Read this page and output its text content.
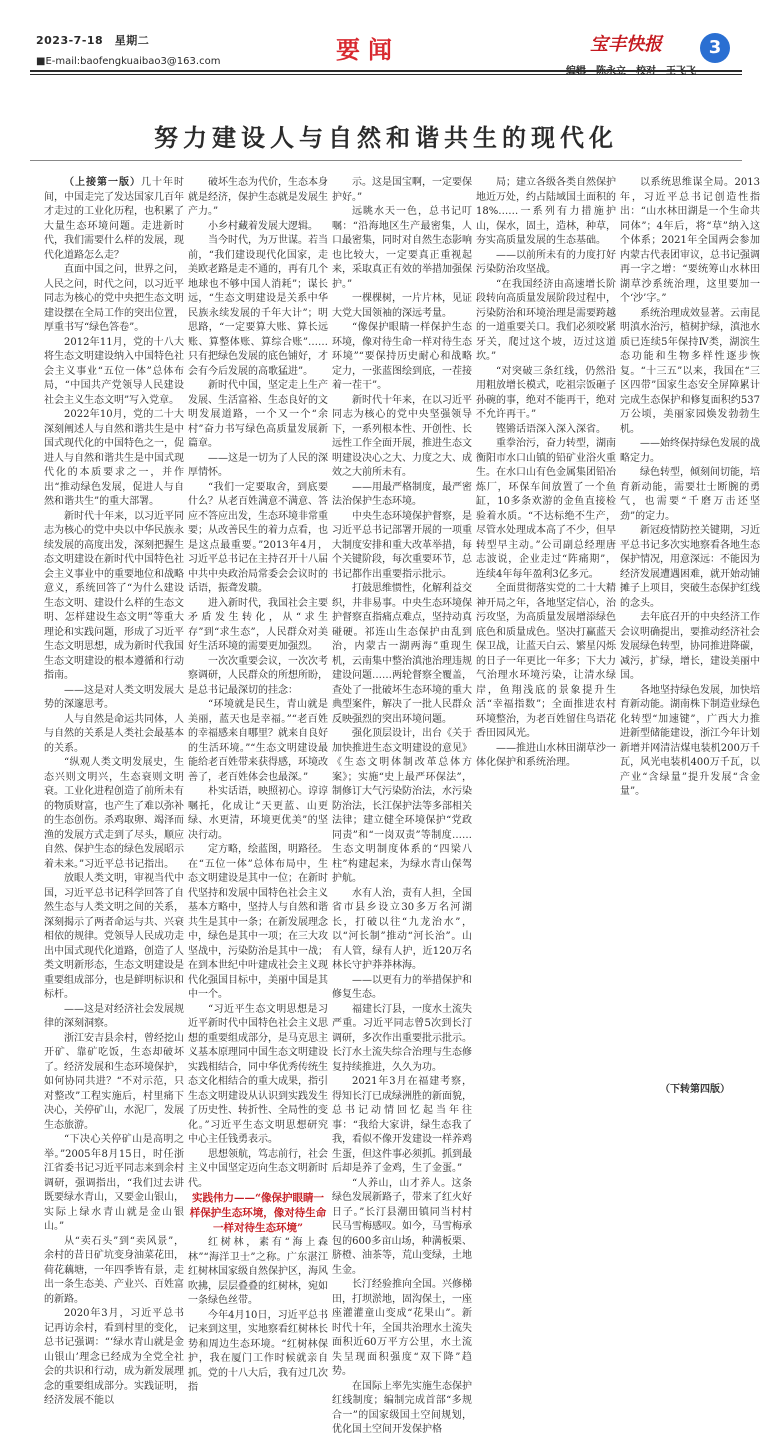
2023-7-18　星期二
■E-mail:baofengkuaibao3@163.com	要闻	宝丰快报	3
努力建设人与自然和谐共生的现代化

（上接第一版）几十年时间，中国走完了发达国家几百年才走过的工业化历程，也积累了大量生态环境问题。走进新时代，我们需要什么样的发展，现代化道路怎么走？

直面中国之问，世界之问，人民之问，时代之问，以习近平同志为核心的党中央把生态文明建设摆在全局工作的突出位置，厚重书写“绿色答卷”。

2012年11月，党的十八大将生态文明建设纳入中国特色社会主义事业“五位一体”总体布局，“中国共产党领导人民建设社会主义生态文明”写入党章。

2022年10月，党的二十大深刻阐述人与自然和谐共生是中国式现代化的中国特色之一，促进人与自然和谐共生是中国式现代化的本质要求之一，并作出“推动绿色发展，促进人与自然和谐共生”的重大部署。

新时代十年来，以习近平同志为核心的党中央以中华民族永续发展的高度出发，深刻把握生态文明建设在新时代中国特色社会主义事业中的重要地位和战略意义，系统回答了“为什么建设生态文明、建设什么样的生态文明、怎样建设生态文明”等重大理论和实践问题，形成了习近平生态文明思想，成为新时代我国生态文明建设的根本遵循和行动指南。

——这是对人类文明发展大势的深邃思考。

人与自然是命运共同体，人与自然的关系是人类社会最基本的关系。

“纵观人类文明发展史，生态兴则文明兴，生态衰则文明衰。工业化进程创造了前所未有的物质财富，也产生了难以弥补的生态创伤。杀鸡取卵、竭泽而渔的发展方式走到了尽头，顺应自然、保护生态的绿色发展昭示着未来。”习近平总书记指出。

放眼人类文明，审视当代中国，习近平总书记科学回答了自然生态与人类文明之间的关系，深刻揭示了两者命运与共、兴衰相依的规律。党领导人民成功走出中国式现代化道路，创造了人类文明新形态，生态文明建设是重要组成部分，也是鲜明标识和标杆。

——这是对经济社会发展规律的深刻洞察。

浙江安吉县余村，曾经挖山开矿、靠矿吃饭，生态却破坏了。经济发展和生态环境保护，如何协同共进？“不对示范，只对整改”工程实施后，村里痛下决心，关停矿山，水泥厂，发展生态旅游。

“下决心关停矿山是高明之举。”2005年8月15日，时任浙江省委书记习近平同志来到余村调研，强调指出，“我们过去讲既要绿水青山，又要金山银山，实际上绿水青山就是金山银山。”

从“卖石头”到“卖风景”，余村的昔日矿坑变身油菜花田，荷花藕塘，一年四季皆有景，走出一条生态美、产业兴、百姓富的新路。

2020年3月，习近平总书记再访余村，看到村里的变化，总书记强调：“‘绿水青山就是金山银山’理念已经成为全党全社会的共识和行动，成为新发展理念的重要组成部分。实践证明，经济发展不能以

破坏生态为代价，生态本身就是经济，保护生态就是发展生产力。”

小乡村藏着发展大逻辑。

当今时代，为万世谋。若当前，“我们建设现代化国家，走美欧老路是走不通的，再有几个地球也不够中国人消耗”；谋长远，“生态文明建设是关系中华民族永续发展的千年大计”；明思路，“一定要算大账、算长远账、算整体账、算综合账”……只有把绿色发展的底色铺好，才会有今后发展的高歌猛进”。

新时代中国，坚定走上生产发展、生活富裕、生态良好的文明发展道路，一个又一个“余村”奋力书写绿色高质量发展新篇章。

——这是一切为了人民的深厚情怀。

“我们一定要取舍，到底要什么？从老百姓满意不满意、答应不答应出发，生态环境非常重要；从改善民生的着力点看，也是这点最重要。”2013年4月，习近平总书记在主持召开十八届中共中央政治局常委会会议时的话语，振聋发聩。

进入新时代，我国社会主要矛盾发生转化，从“求生存”到“求生态”，人民群众对美好生活环境的需要更加强烈。

一次次重要会议，一次次考察调研，人民群众的所想所盼，是总书记最深切的挂念：

“环境就是民生，青山就是美丽，蓝天也是幸福。”“老百姓的幸福感来自哪里？就来自良好的生活环境。”“生态文明建设最能给老百姓带来获得感，环境改善了，老百姓体会也最深。”

朴实话语，映照初心。谆谆嘱托，化成让“天更蓝、山更绿、水更清，环境更优美”的坚决行动。

定方略，绘蓝图，明路径。在“五位一体”总体布局中，生态文明建设是其中一位；在新时代坚持和发展中国特色社会主义基本方略中，坚持人与自然和谐共生是其中一条；在新发展理念中，绿色是其中一项；在三大攻坚战中，污染防治是其中一战；在到本世纪中叶建成社会主义现代化强国目标中，美丽中国是其中一个。

“习近平生态文明思想是习近平新时代中国特色社会主义思想的重要组成部分，是马克思主义基本原理同中国生态文明建设实践相结合，同中华优秀传统生态文化相结合的重大成果，指引生态文明建设从认识到实践发生了历史性、转折性、全局性的变化。”习近平生态文明思想研究中心主任钱勇表示。

思想领航，笃志前行，社会主义中国坚定迈向生态文明新时代。

实践伟力——“像保护眼睛一样保护生态环境，像对待生命一样对待生态环境”

红树林，素有“海上森林”“海洋卫士”之称。广东湛江红树林国家级自然保护区，海风吹拂，层层叠叠的红树林，宛如一条绿色丝带。

今年4月10日，习近平总书记来到这里，实地察看红树林长势和周边生态环境。“红树林保护，我在厦门工作时候就亲自抓。党的十八大后，我有过几次指

示。这是国宝啊，一定要保护好。”

远眺水天一色，总书记叮嘱：“沿海地区生产最密集，人口最密集，同时对自然生态影响也比较大，一定要真正重视起来，采取真正有效的举措加强保护。”

一棵棵树，一片片林，见证大党大国领袖的深远考量。

“像保护眼睛一样保护生态环境，像对待生命一样对待生态环境”“要保持历史耐心和战略定力，一张蓝图绘到底，一茬接着一茬干”。

新时代十年来，在以习近平同志为核心的党中央坚强领导下，一系列根本性、开创性、长远性工作全面开展，推进生态文明建设决心之大、力度之大、成效之大前所未有。

——用最严格制度，最严密法治保护生态环境。

中央生态环境保护督察，是习近平总书记部署开展的一项重大制度安排和重大改革举措，每个关键阶段，每次重要环节，总书记都作出重要指示批示。

打鼓思维惯性，化解利益交织，井非易事。中央生态环境保护督察直指痛点难点，坚持动真碰硬。祁连山生态保护由乱到治，内蒙古一湖两海”重现生机，云南集中整治滇池治理违规建设问题……两轮督察全覆盖，查处了一批破坏生态环境的重大典型案件，解决了一批人民群众反映强烈的突出环境问题。

强化顶层设计，出台《关于加快推进生态文明建设的意见》《生态文明体制改革总体方案》；实施“史上最严环保法”，制修订大气污染防治法，水污染防治法，长江保护法等多部相关法律；建立健全环境保护“党政同责”和“一岗双责”等制度……生态文明制度体系的“四梁八柱”构建起来，为绿水青山保驾护航。

水有人治，责有人担，全国省市县乡设立30多万名河湖长，打破以往“九龙治水”，以“河长制”推动“河长治”。山有人管，绿有人护，近120万名林长守护莽莽林海。

——以更有力的举措保护和修复生态。

福建长汀县，一度水土流失严重。习近平同志曾5次到长汀调研，多次作出重要批示批示。长汀水土流失综合治理与生态修复持续推进，久久为功。

2021年3月在福建考察，得知长汀已成绿洲胜的新面貌，总书记动情回忆起当年往事：“我给大家讲，绿生态我了我，看似不像开发建设一样养鸡生蛋，但这件事必须抓。抓到最后却是养了金鸡，生了金蛋。”

“人养山，山才养人。这条绿色发展新路子，带来了红火好日子。”长汀县潮田镇同当村村民马雪梅感叹。如今，马雪梅承包的600多亩山场，种满板栗、脐橙、油茶等，荒山变绿，土地生金。

长汀经验推向全国。兴修梯田，打坝淤地，固沟保土，一座座灌灌童山变成“花果山”。新时代十年，全国共治理水土流失面积近60万平方公里，水土流失呈现面积强度“双下降”趋势。

在国际上率先实施生态保护红线制度；编制完成首部“多规合一”的国家级国土空间规划，优化国土空间开发保护格

局；建立各级各类自然保护地近万处，约占陆域国土面积的18%……一系列有力措施护山，保水，固土，造林，种草，夯实高质量发展的生态基础。

——以前所未有的力度打好污染防治攻坚战。

“在我国经济由高速增长阶段转向高质量发展阶段过程中，污染防治和环境治理是需要跨越的一道重要关口。我们必须咬紧牙关，爬过这个坡，迈过这道坎。”

“对突破三条红线，仍然沿用粗放增长模式，吃祖宗饭砸子孙碗的事，绝对不能再干，绝对不允许再干。”

铿锵话语深入深入深省。

重拳治污，奋力转型，湖南衡阳市水口山镇的铅矿业浴火重生。在水口山有色金属集团铅冶炼厂，环保车间放置了一个鱼缸，10多条欢游的金鱼直接检验着水质。“不达标绝不生产，尽管水处理成本高了不少，但早转型早主动。”公司副总经理唐志波说，企业走过“阵痛期”，连续4年每年盈利3亿多元。

全面贯彻落实党的二十大精神开局之年，各地坚定信心，治污攻坚，为高质量发展增添绿色底色和质量成色。坚决打赢蓝天保卫战，让蓝天白云、繁星闪烁的日子一年更比一年多；下大力气治理水环境污染，让清水绿岸，鱼翔浅底的景象提升生活“幸福指数”；全面推进农村环境整治，为老百姓留住鸟语花香田园风光。

——推进山水林田湖草沙一体化保护和系统治理。

以系统思维谋全局。2013年，习近平总书记创造性指出：“山水林田湖是一个生命共同体”；4年后，将“草”纳入这个体系；2021年全国两会参加内蒙古代表团审议，总书记强调再一字之增：“要统筹山水林田湖草沙系统治理，这里要加一个‘沙’字。”

系统治理成效显著。云南昆明滇水治污，植树护绿，滇池水质已连续5年保持Ⅳ类，湖滨生态功能和生物多样性逐步恢复。“十三五”以来，我国在“三区四带”国家生态安全屏障累计完成生态保护和修复面积约537万公顷，美丽家园焕发勃勃生机。

——始终保持绿色发展的战略定力。

绿色转型，倾刻间切能，培育新动能，需要壮士断腕的勇气，也需要“千磨万击还坚劲”的定力。

新冠疫情防控关键期，习近平总书记多次实地察看各地生态保护情况，用意深远：不能因为经济发展遭遇困难，就开始动铺摊子上项目，突破生态保护红线的念头。

去年底召开的中央经济工作会议明确提出，要推动经济社会发展绿色转型，协同推进降碳，减污，扩绿，增长，建设美丽中国。

各地坚持绿色发展，加快培育新动能。湖南株下制造业绿色化转型“加速键”，广西大力推进新型储能建设，浙江今年计划新增并网清洁煤电装机200万千瓦，风光电装机400万千瓦，以产业“含绿量”提升发展“含金量”。

（下转第四版）
